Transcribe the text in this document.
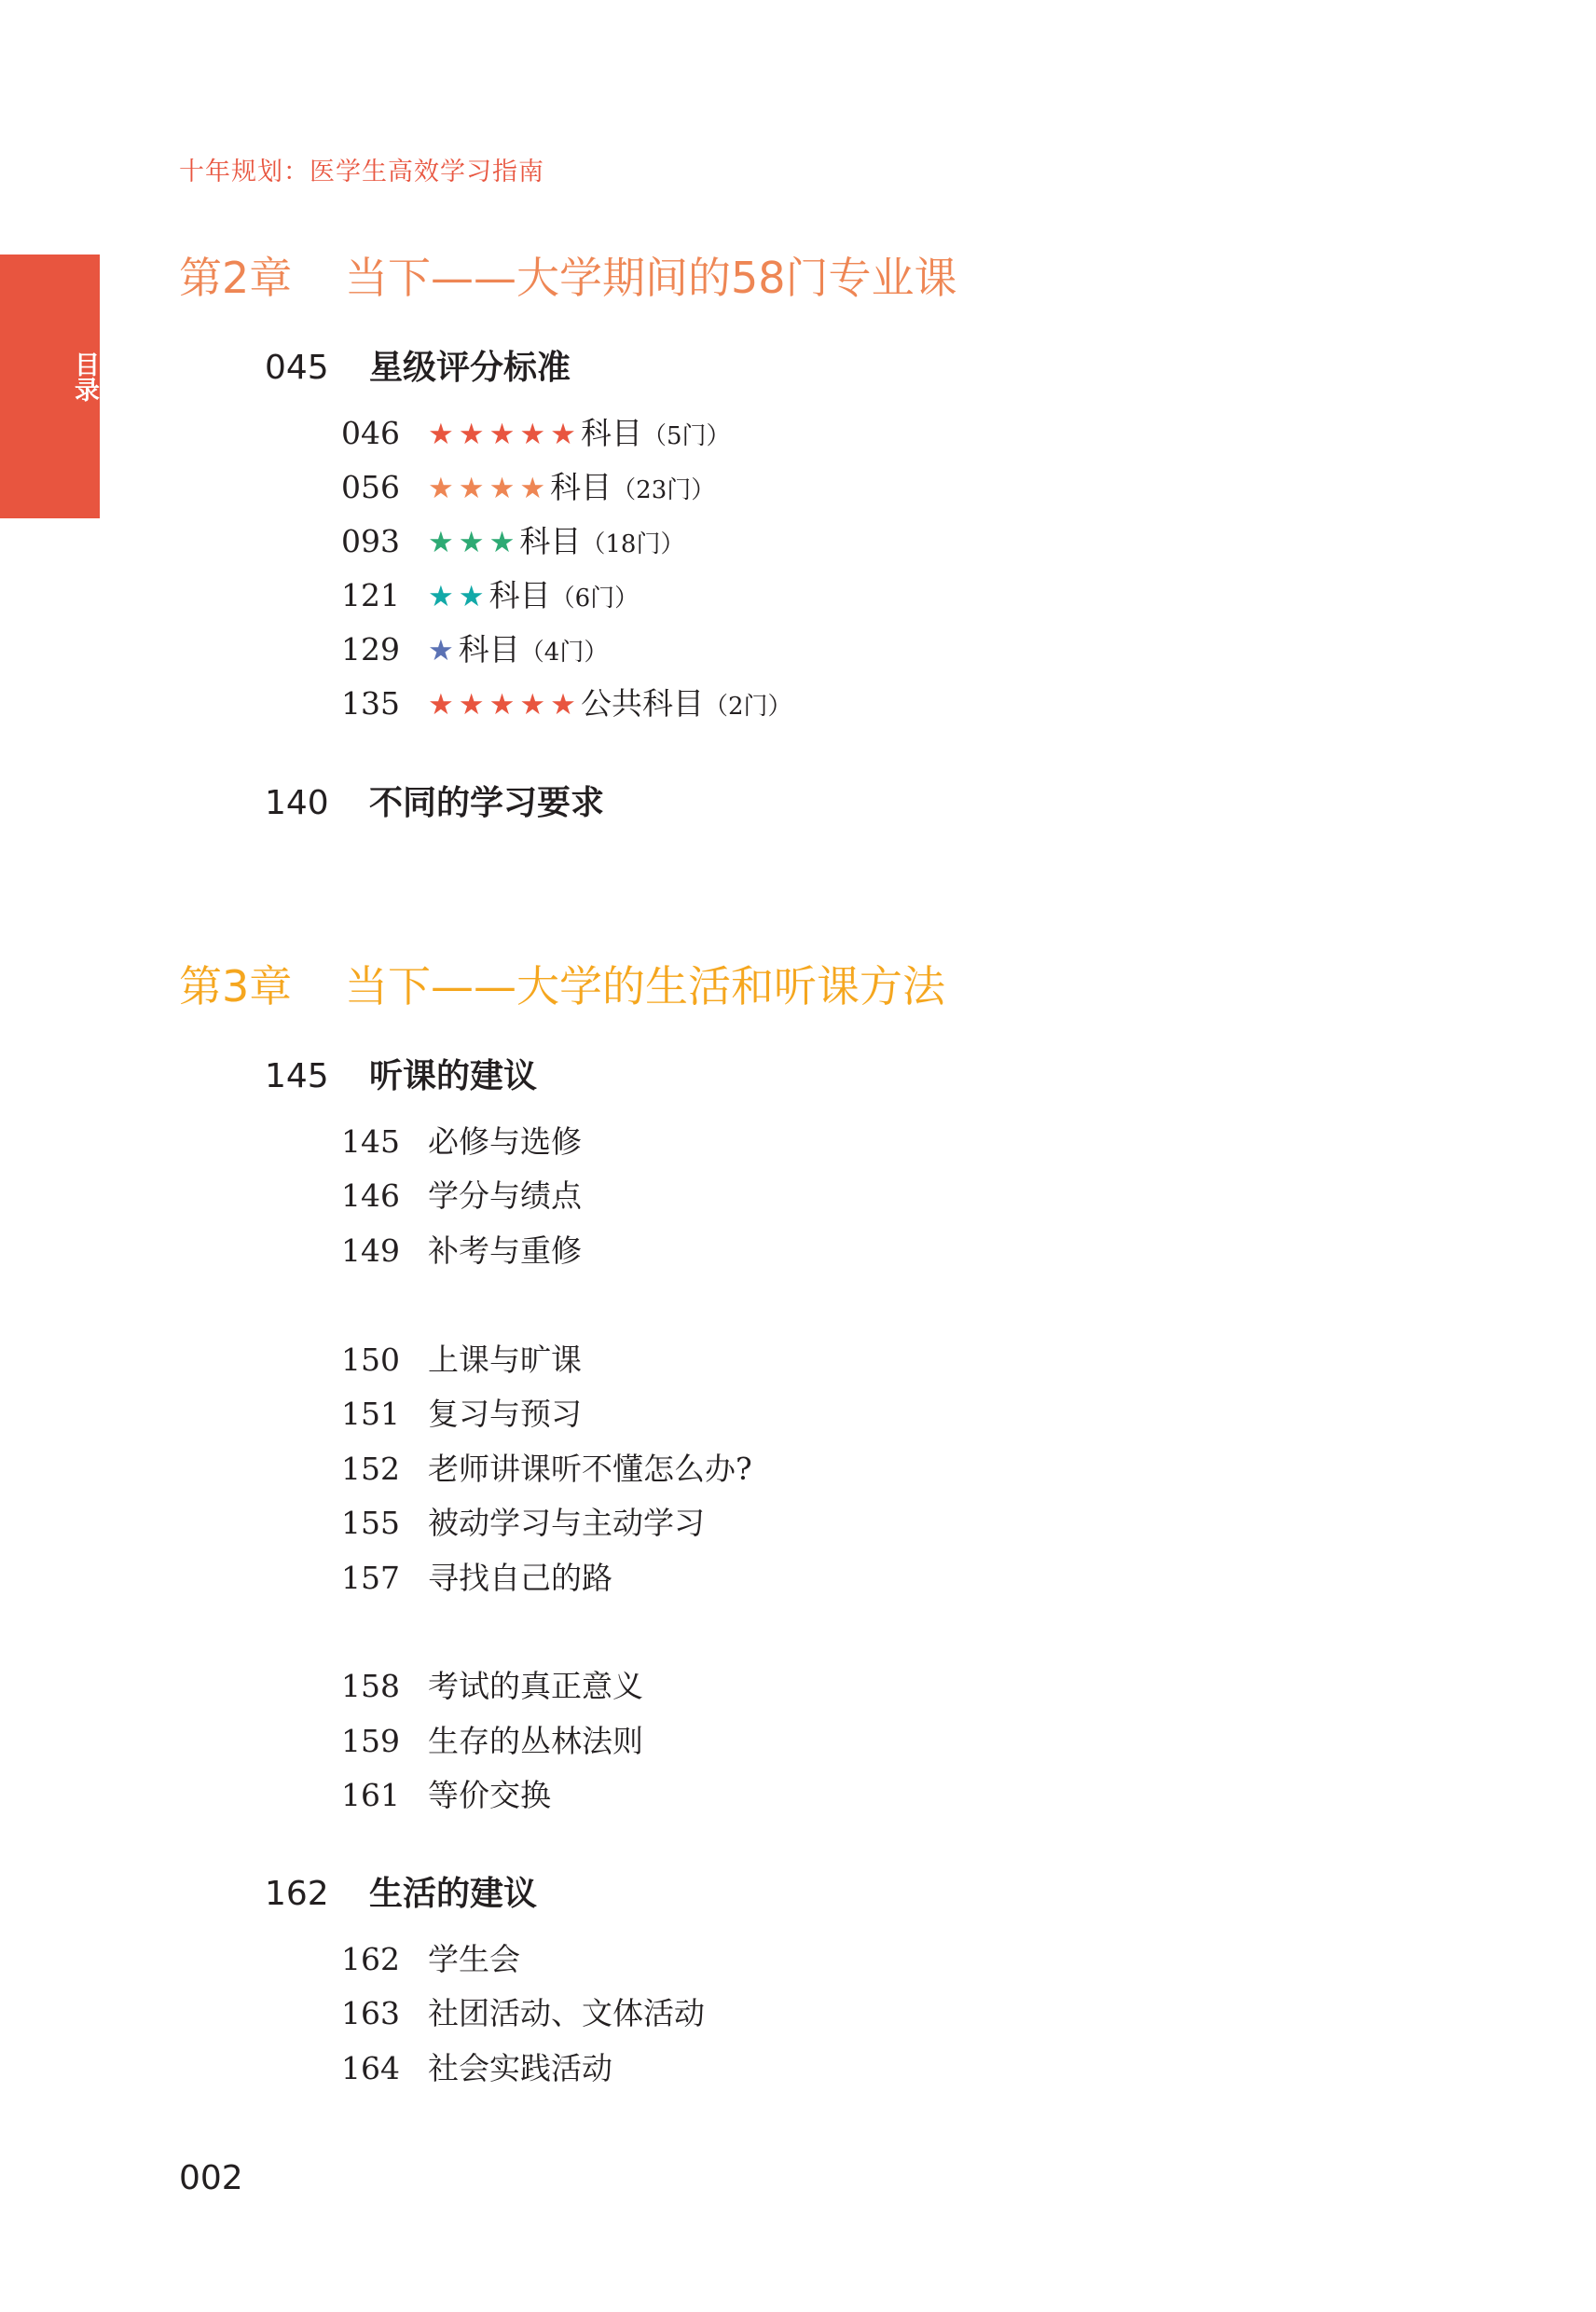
十年规划：医学生高效学习指南
目录
第2章 当下——大学期间的58门专业课
045 星级评分标准
046 ★★★★★科目（5门）
056 ★★★★科目（23门）
093 ★★★科目（18门）
121 ★★科目（6门）
129 ★科目（4门）
135 ★★★★★公共科目（2门）
140 不同的学习要求
第3章 当下——大学的生活和听课方法
145 听课的建议
145 必修与选修
146 学分与绩点
149 补考与重修
150 上课与旷课
151 复习与预习
152 老师讲课听不懂怎么办?
155 被动学习与主动学习
157 寻找自己的路
158 考试的真正意义
159 生存的丛林法则
161 等价交换
162 生活的建议
162 学生会
163 社团活动、文体活动
164 社会实践活动
002
